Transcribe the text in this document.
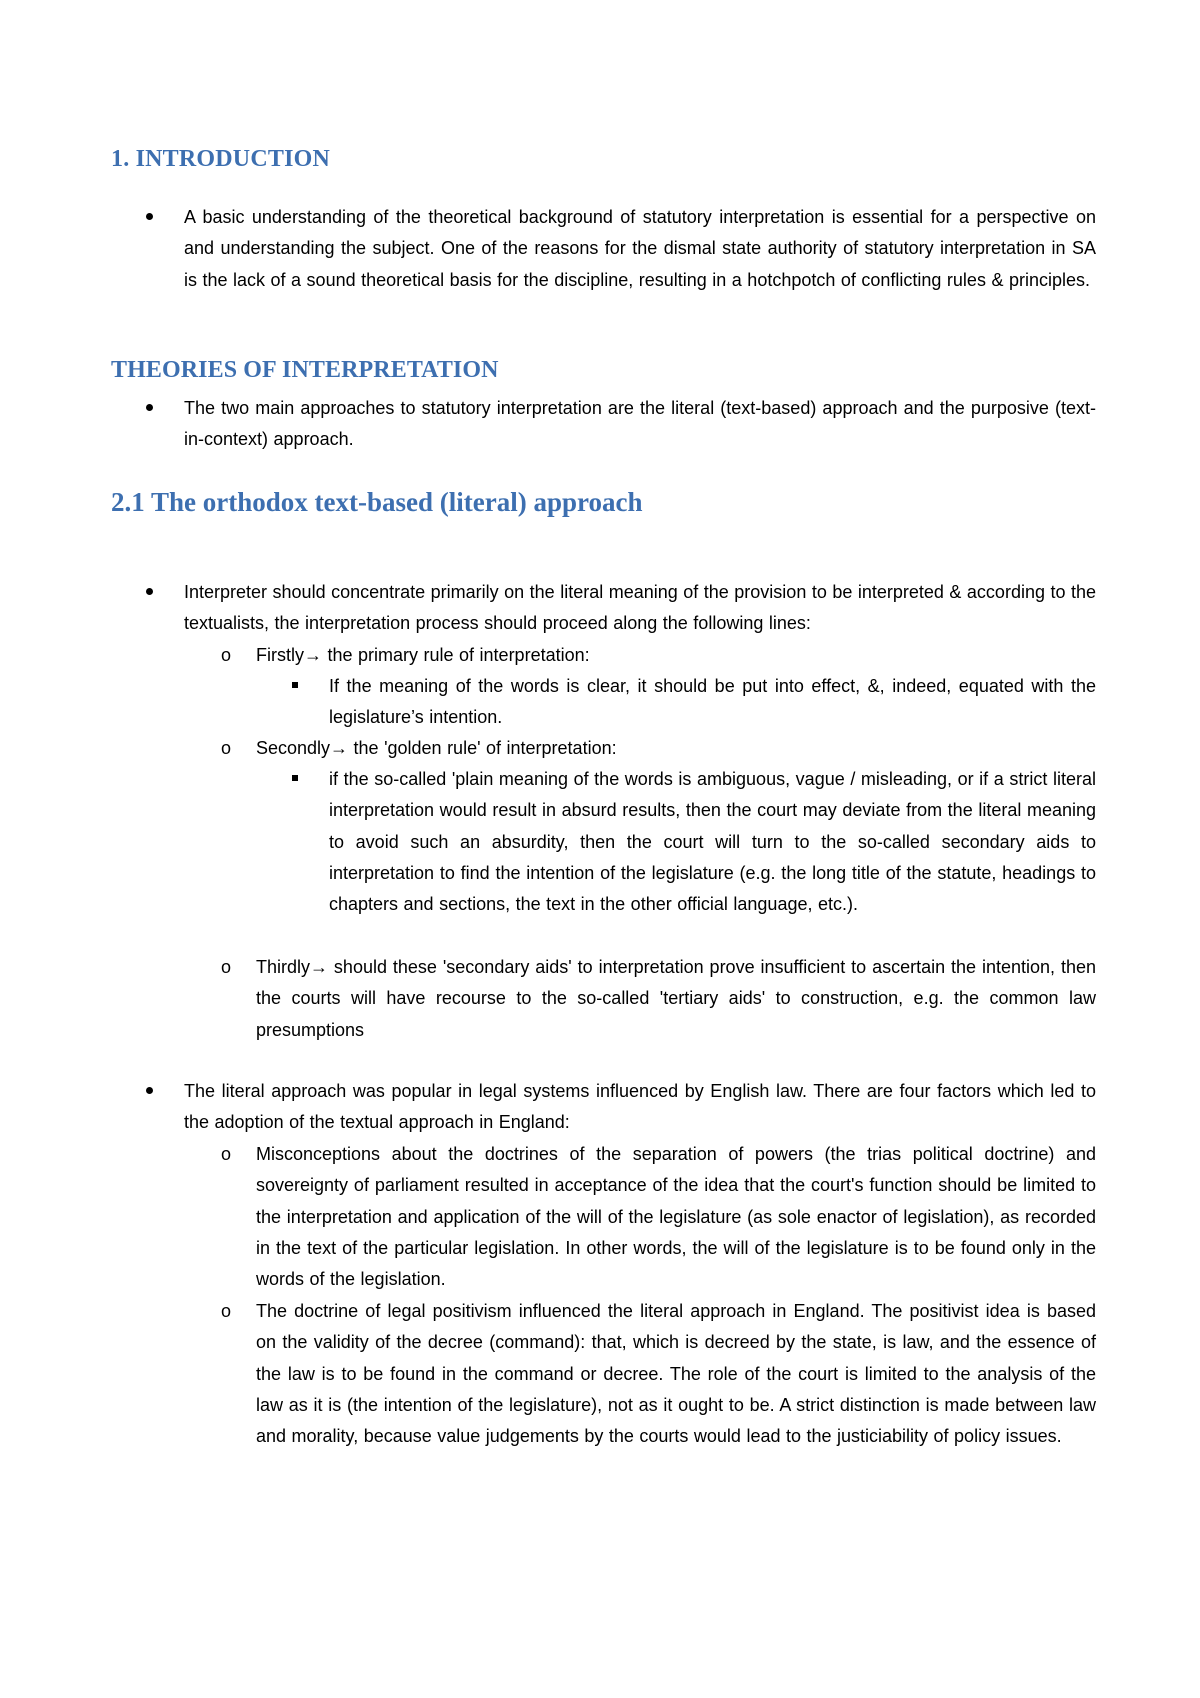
1. INTRODUCTION

A basic understanding of the theoretical background of statutory interpretation is essential for a perspective on and understanding the subject. One of the reasons for the dismal state authority of statutory interpretation in SA is the lack of a sound theoretical basis for the discipline, resulting in a hotchpotch of conflicting rules & principles.

THEORIES OF INTERPRETATION

The two main approaches to statutory interpretation are the literal (text-based) approach and the purposive (text-in-context) approach.

2.1 The orthodox text-based (literal) approach

Interpreter should concentrate primarily on the literal meaning of the provision to be interpreted & according to the textualists, the interpretation process should proceed along the following lines:

o Firstly→ the primary rule of interpretation:

If the meaning of the words is clear, it should be put into effect, &, indeed, equated with the legislature’s intention.

o Secondly→ the 'golden rule' of interpretation:

if the so-called 'plain meaning of the words is ambiguous, vague / misleading, or if a strict literal interpretation would result in absurd results, then the court may deviate from the literal meaning to avoid such an absurdity, then the court will turn to the so-called secondary aids to interpretation to find the intention of the legislature (e.g. the long title of the statute, headings to chapters and sections, the text in the other official language, etc.).

o Thirdly→ should these 'secondary aids' to interpretation prove insufficient to ascertain the intention, then the courts will have recourse to the so-called 'tertiary aids' to construction, e.g. the common law presumptions

The literal approach was popular in legal systems influenced by English law. There are four factors which led to the adoption of the textual approach in England:

o Misconceptions about the doctrines of the separation of powers (the trias political doctrine) and sovereignty of parliament resulted in acceptance of the idea that the court's function should be limited to the interpretation and application of the will of the legislature (as sole enactor of legislation), as recorded in the text of the particular legislation. In other words, the will of the legislature is to be found only in the words of the legislation.

o The doctrine of legal positivism influenced the literal approach in England. The positivist idea is based on the validity of the decree (command): that, which is decreed by the state, is law, and the essence of the law is to be found in the command or decree. The role of the court is limited to the analysis of the law as it is (the intention of the legislature), not as it ought to be. A strict distinction is made between law and morality, because value judgements by the courts would lead to the justiciability of policy issues.
